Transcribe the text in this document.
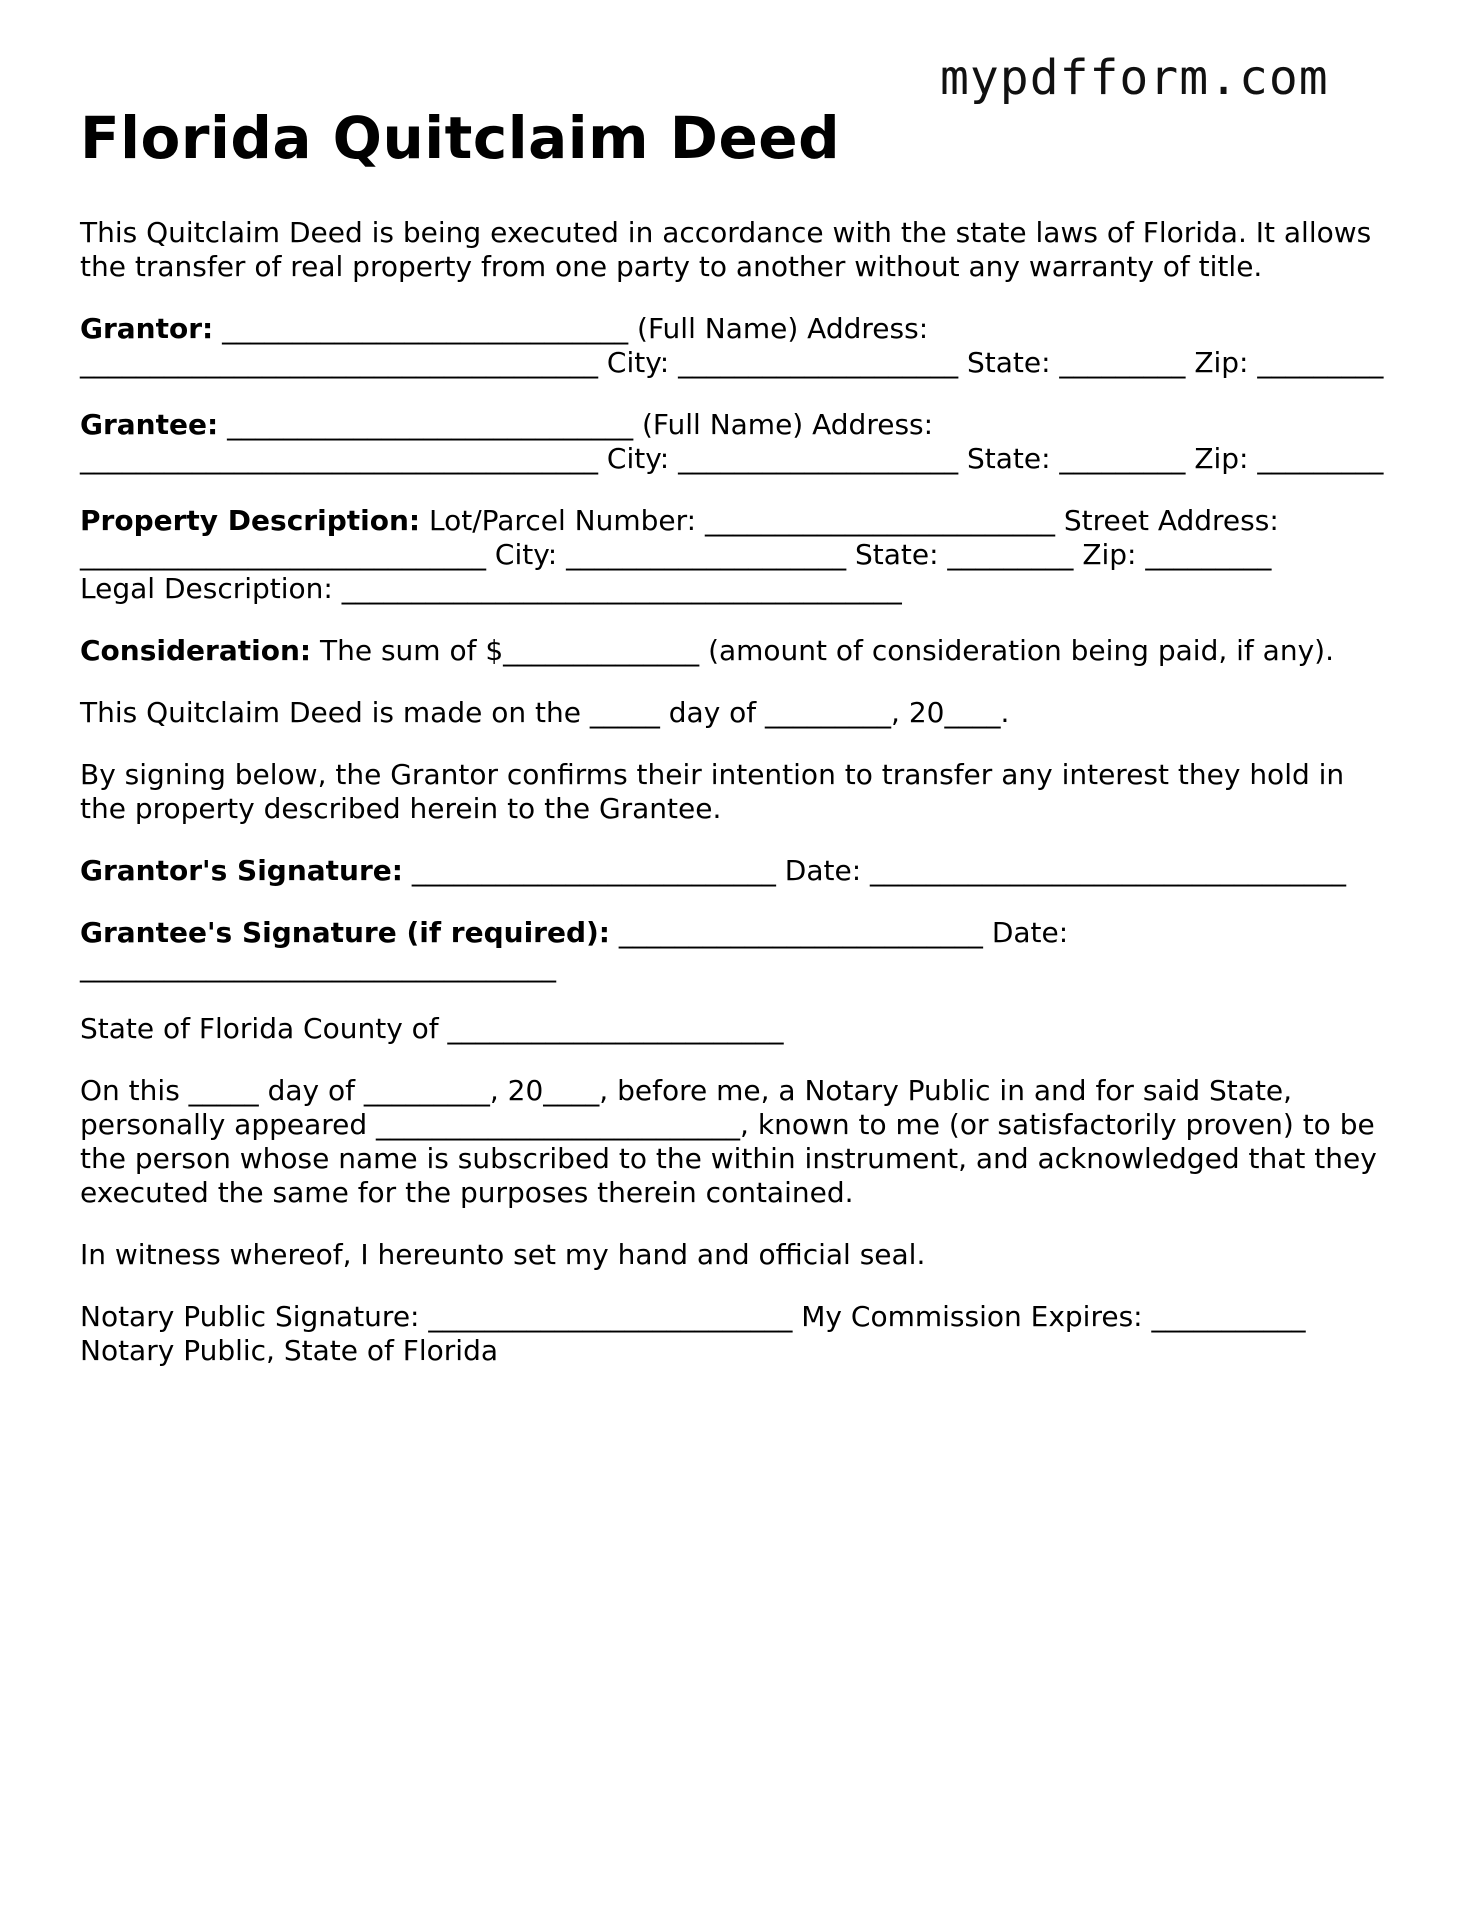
mypdfform.com
Florida Quitclaim Deed

This Quitclaim Deed is being executed in accordance with the state laws of Florida. It allows the transfer of real property from one party to another without any warranty of title.

Grantor: _____________________________ (Full Name) Address: _____________________________________ City: ____________________ State: _________ Zip: _________

Grantee: _____________________________ (Full Name) Address: _____________________________________ City: ____________________ State: _________ Zip: _________

Property Description: Lot/Parcel Number: _________________________ Street Address: _____________________________ City: ____________________ State: _________ Zip: _________
Legal Description: ________________________________________

Consideration: The sum of $______________ (amount of consideration being paid, if any).

This Quitclaim Deed is made on the _____ day of _________, 20____.

By signing below, the Grantor confirms their intention to transfer any interest they hold in the property described herein to the Grantee.

Grantor's Signature: __________________________ Date: __________________________________

Grantee's Signature (if required): __________________________ Date: __________________________________

State of Florida County of ________________________

On this _____ day of _________, 20____, before me, a Notary Public in and for said State, personally appeared __________________________, known to me (or satisfactorily proven) to be the person whose name is subscribed to the within instrument, and acknowledged that they executed the same for the purposes therein contained.

In witness whereof, I hereunto set my hand and official seal.

Notary Public Signature: __________________________ My Commission Expires: ___________
Notary Public, State of Florida
